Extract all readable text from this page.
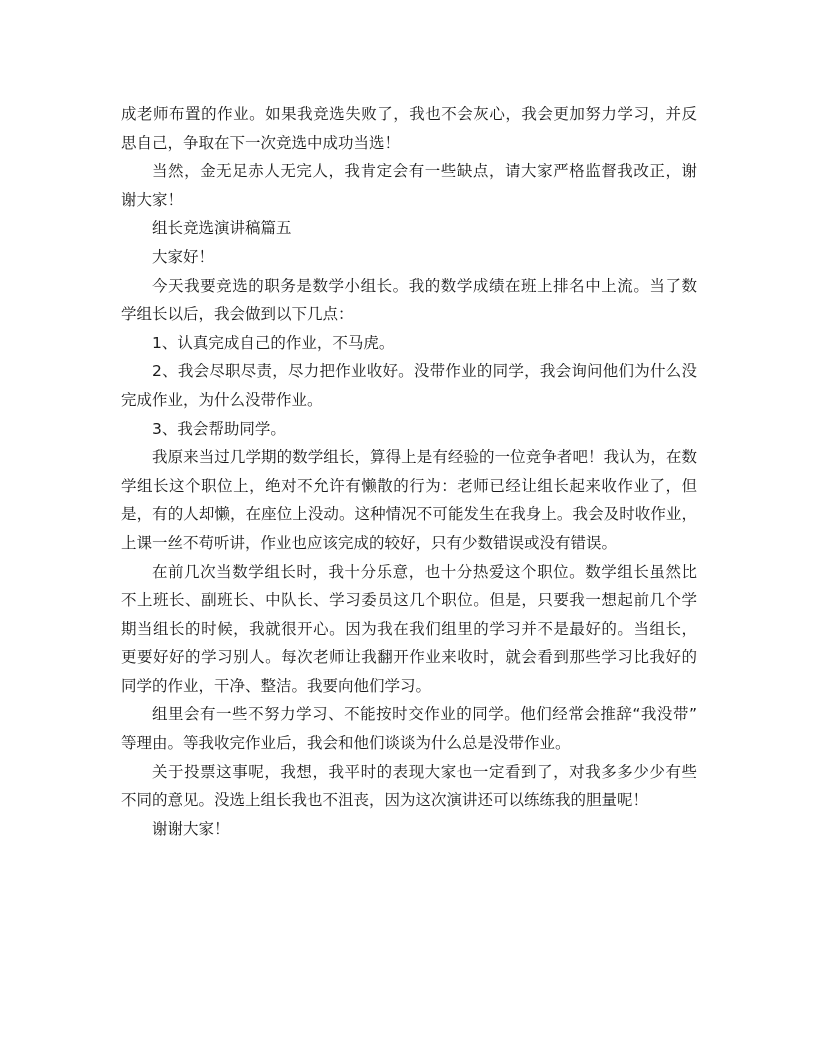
成老师布置的作业。如果我竞选失败了，我也不会灰心，我会更加努力学习，并反
思自己，争取在下一次竞选中成功当选！
当然，金无足赤人无完人，我肯定会有一些缺点，请大家严格监督我改正，谢
谢大家！
组长竞选演讲稿篇五
大家好！
今天我要竞选的职务是数学小组长。我的数学成绩在班上排名中上流。当了数
学组长以后，我会做到以下几点：
1、认真完成自己的作业，不马虎。
2、我会尽职尽责，尽力把作业收好。没带作业的同学，我会询问他们为什么没
完成作业，为什么没带作业。
3、我会帮助同学。
我原来当过几学期的数学组长，算得上是有经验的一位竞争者吧！我认为，在数
学组长这个职位上，绝对不允许有懒散的行为：老师已经让组长起来收作业了，但
是，有的人却懒，在座位上没动。这种情况不可能发生在我身上。我会及时收作业，
上课一丝不苟听讲，作业也应该完成的较好，只有少数错误或没有错误。
在前几次当数学组长时，我十分乐意，也十分热爱这个职位。数学组长虽然比
不上班长、副班长、中队长、学习委员这几个职位。但是，只要我一想起前几个学
期当组长的时候，我就很开心。因为我在我们组里的学习并不是最好的。当组长，
更要好好的学习别人。每次老师让我翻开作业来收时，就会看到那些学习比我好的
同学的作业，干净、整洁。我要向他们学习。
组里会有一些不努力学习、不能按时交作业的同学。他们经常会推辞“我没带”
等理由。等我收完作业后，我会和他们谈谈为什么总是没带作业。
关于投票这事呢，我想，我平时的表现大家也一定看到了，对我多多少少有些
不同的意见。没选上组长我也不沮丧，因为这次演讲还可以练练我的胆量呢！
谢谢大家！
